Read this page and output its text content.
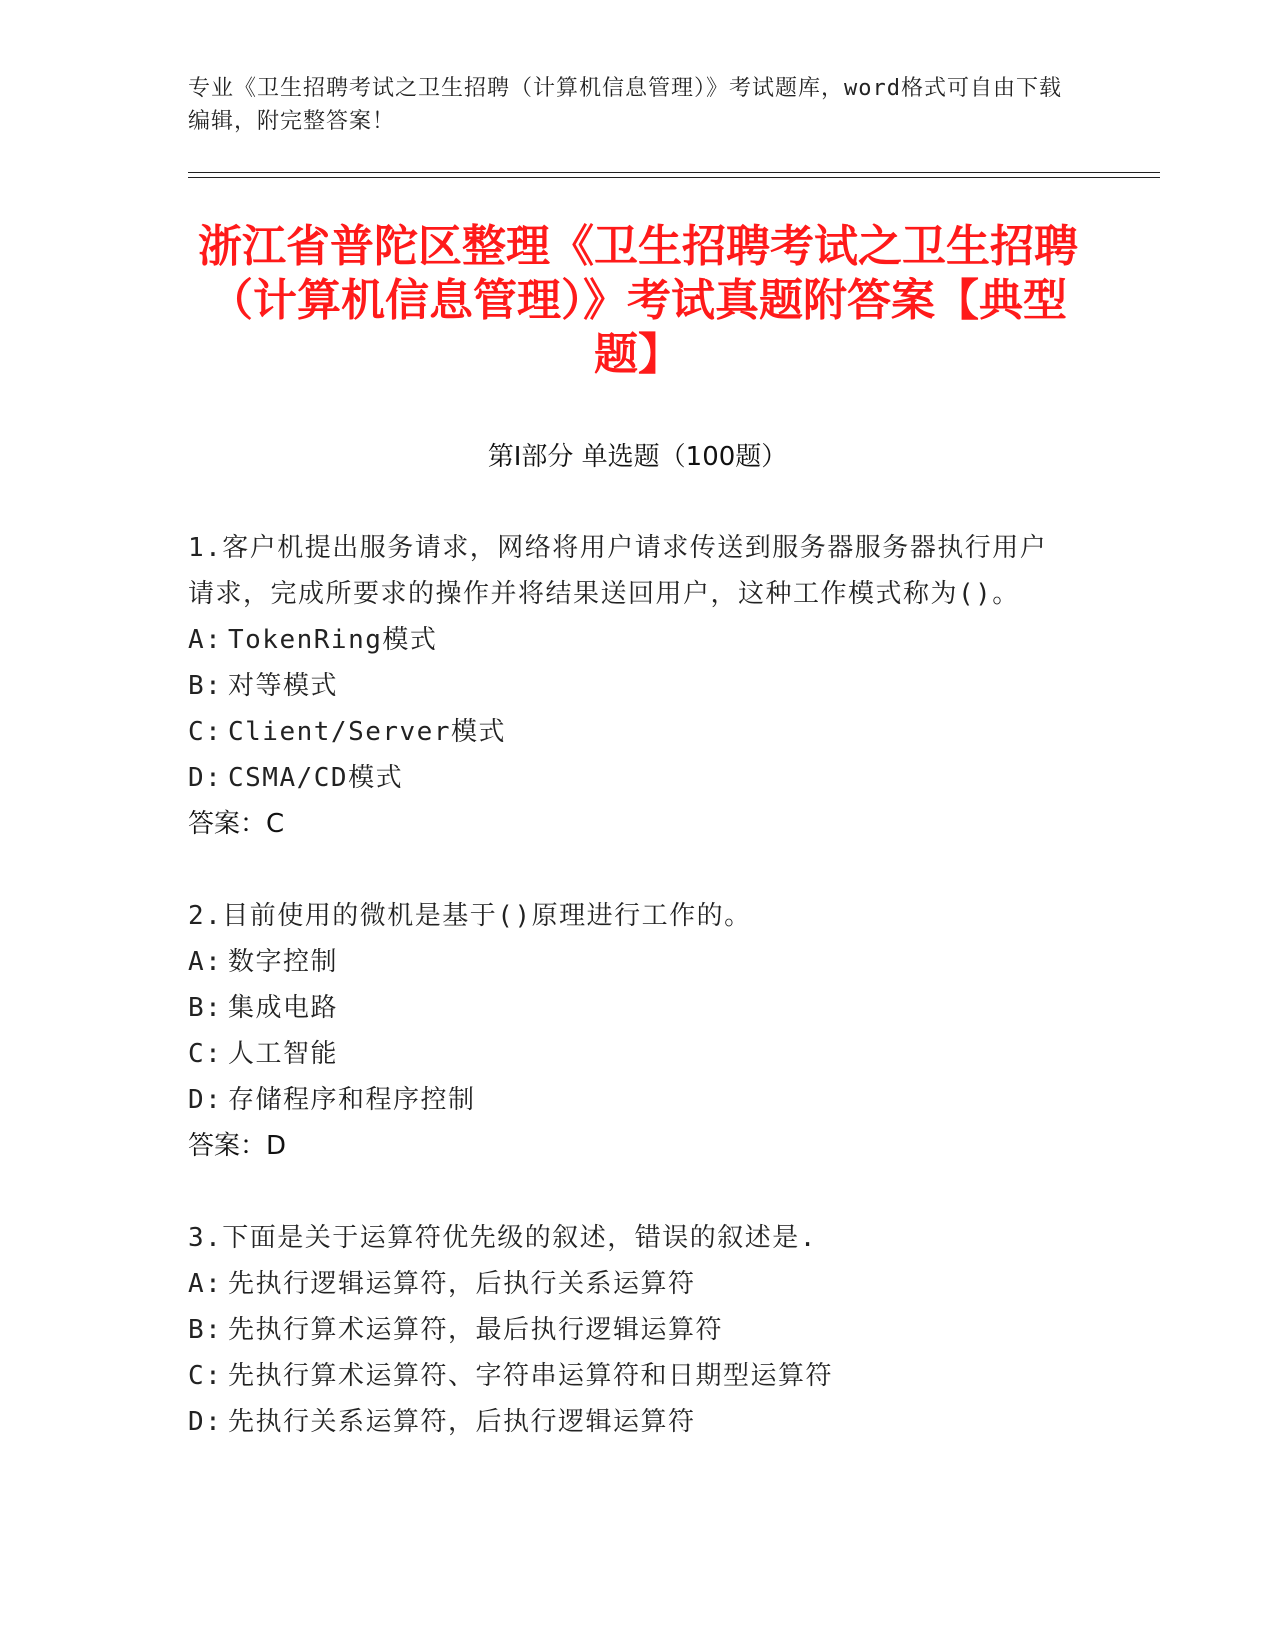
专业《卫生招聘考试之卫生招聘（计算机信息管理）》考试题库，word格式可自由下载编辑，附完整答案！
浙江省普陀区整理《卫生招聘考试之卫生招聘（计算机信息管理）》考试真题附答案【典型题】
第Ⅰ部分 单选题（100题）
1.客户机提出服务请求，网络将用户请求传送到服务器服务器执行用户请求，完成所要求的操作并将结果送回用户，这种工作模式称为()。
A: TokenRing模式
B: 对等模式
C: Client/Server模式
D: CSMA/CD模式
答案：C
2.目前使用的微机是基于()原理进行工作的。
A: 数字控制
B: 集成电路
C: 人工智能
D: 存储程序和程序控制
答案：D
3.下面是关于运算符优先级的叙述，错误的叙述是.
A: 先执行逻辑运算符，后执行关系运算符
B: 先执行算术运算符，最后执行逻辑运算符
C: 先执行算术运算符、字符串运算符和日期型运算符
D: 先执行关系运算符，后执行逻辑运算符
